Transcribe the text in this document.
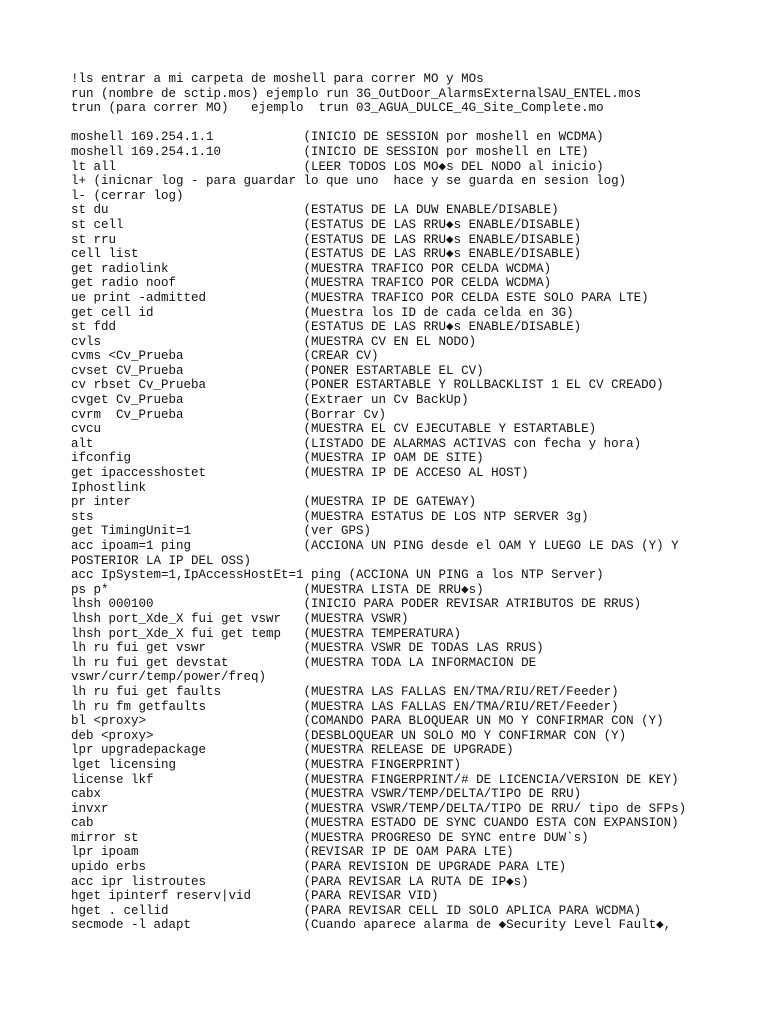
!ls entrar a mi carpeta de moshell para correr MO y MOs
run (nombre de sctip.mos) ejemplo run 3G_OutDoor_AlarmsExternalSAU_ENTEL.mos
trun (para correr MO)   ejemplo  trun 03_AGUA_DULCE_4G_Site_Complete.mo
moshell 169.254.1.1            (INICIO DE SESSION por moshell en WCDMA)
moshell 169.254.1.10           (INICIO DE SESSION por moshell en LTE)
lt all                         (LEER TODOS LOS MO◆s DEL NODO al inicio)
l+ (inicnar log - para guardar lo que uno  hace y se guarda en sesion log)
l- (cerrar log)
st du                          (ESTATUS DE LA DUW ENABLE/DISABLE)
st cell                        (ESTATUS DE LAS RRU◆s ENABLE/DISABLE)
st rru                         (ESTATUS DE LAS RRU◆s ENABLE/DISABLE)
cell list                      (ESTATUS DE LAS RRU◆s ENABLE/DISABLE)
get radiolink                  (MUESTRA TRAFICO POR CELDA WCDMA)
get radio noof                 (MUESTRA TRAFICO POR CELDA WCDMA)
ue print -admitted             (MUESTRA TRAFICO POR CELDA ESTE SOLO PARA LTE)
get cell id                    (Muestra los ID de cada celda en 3G)
st fdd                         (ESTATUS DE LAS RRU◆s ENABLE/DISABLE)
cvls                           (MUESTRA CV EN EL NODO)
cvms <Cv_Prueba                (CREAR CV)
cvset CV_Prueba                (PONER ESTARTABLE EL CV)
cv rbset Cv_Prueba             (PONER ESTARTABLE Y ROLLBACKLIST 1 EL CV CREADO)
cvget Cv_Prueba                (Extraer un Cv BackUp)
cvrm  Cv_Prueba                (Borrar Cv)
cvcu                           (MUESTRA EL CV EJECUTABLE Y ESTARTABLE)
alt                            (LISTADO DE ALARMAS ACTIVAS con fecha y hora)
ifconfig                       (MUESTRA IP OAM DE SITE)
get ipaccesshostet             (MUESTRA IP DE ACCESO AL HOST)
Iphostlink
pr inter                       (MUESTRA IP DE GATEWAY)
sts                            (MUESTRA ESTATUS DE LOS NTP SERVER 3g)
get TimingUnit=1               (ver GPS)
acc ipoam=1 ping               (ACCIONA UN PING desde el OAM Y LUEGO LE DAS (Y) Y
POSTERIOR LA IP DEL OSS)
acc IpSystem=1,IpAccessHostEt=1 ping (ACCIONA UN PING a los NTP Server)
ps p*                          (MUESTRA LISTA DE RRU◆s)
lhsh 000100                    (INICIO PARA PODER REVISAR ATRIBUTOS DE RRUS)
lhsh port_Xde_X fui get vswr   (MUESTRA VSWR)
lhsh port_Xde_X fui get temp   (MUESTRA TEMPERATURA)
lh ru fui get vswr             (MUESTRA VSWR DE TODAS LAS RRUS)
lh ru fui get devstat          (MUESTRA TODA LA INFORMACION DE
vswr/curr/temp/power/freq)
lh ru fui get faults           (MUESTRA LAS FALLAS EN/TMA/RIU/RET/Feeder)
lh ru fm getfaults             (MUESTRA LAS FALLAS EN/TMA/RIU/RET/Feeder)
bl <proxy>                     (COMANDO PARA BLOQUEAR UN MO Y CONFIRMAR CON (Y)
deb <proxy>                    (DESBLOQUEAR UN SOLO MO Y CONFIRMAR CON (Y)
lpr upgradepackage             (MUESTRA RELEASE DE UPGRADE)
lget licensing                 (MUESTRA FINGERPRINT)
license lkf                    (MUESTRA FINGERPRINT/# DE LICENCIA/VERSION DE KEY)
cabx                           (MUESTRA VSWR/TEMP/DELTA/TIPO DE RRU)
invxr                          (MUESTRA VSWR/TEMP/DELTA/TIPO DE RRU/ tipo de SFPs)
cab                            (MUESTRA ESTADO DE SYNC CUANDO ESTA CON EXPANSION)
mirror st                      (MUESTRA PROGRESO DE SYNC entre DUW`s)
lpr ipoam                      (REVISAR IP DE OAM PARA LTE)
upido erbs                     (PARA REVISION DE UPGRADE PARA LTE)
acc ipr listroutes             (PARA REVISAR LA RUTA DE IP◆s)
hget ipinterf reserv|vid       (PARA REVISAR VID)
hget . cellid                  (PARA REVISAR CELL ID SOLO APLICA PARA WCDMA)
secmode -l adapt               (Cuando aparece alarma de ◆Security Level Fault◆,
